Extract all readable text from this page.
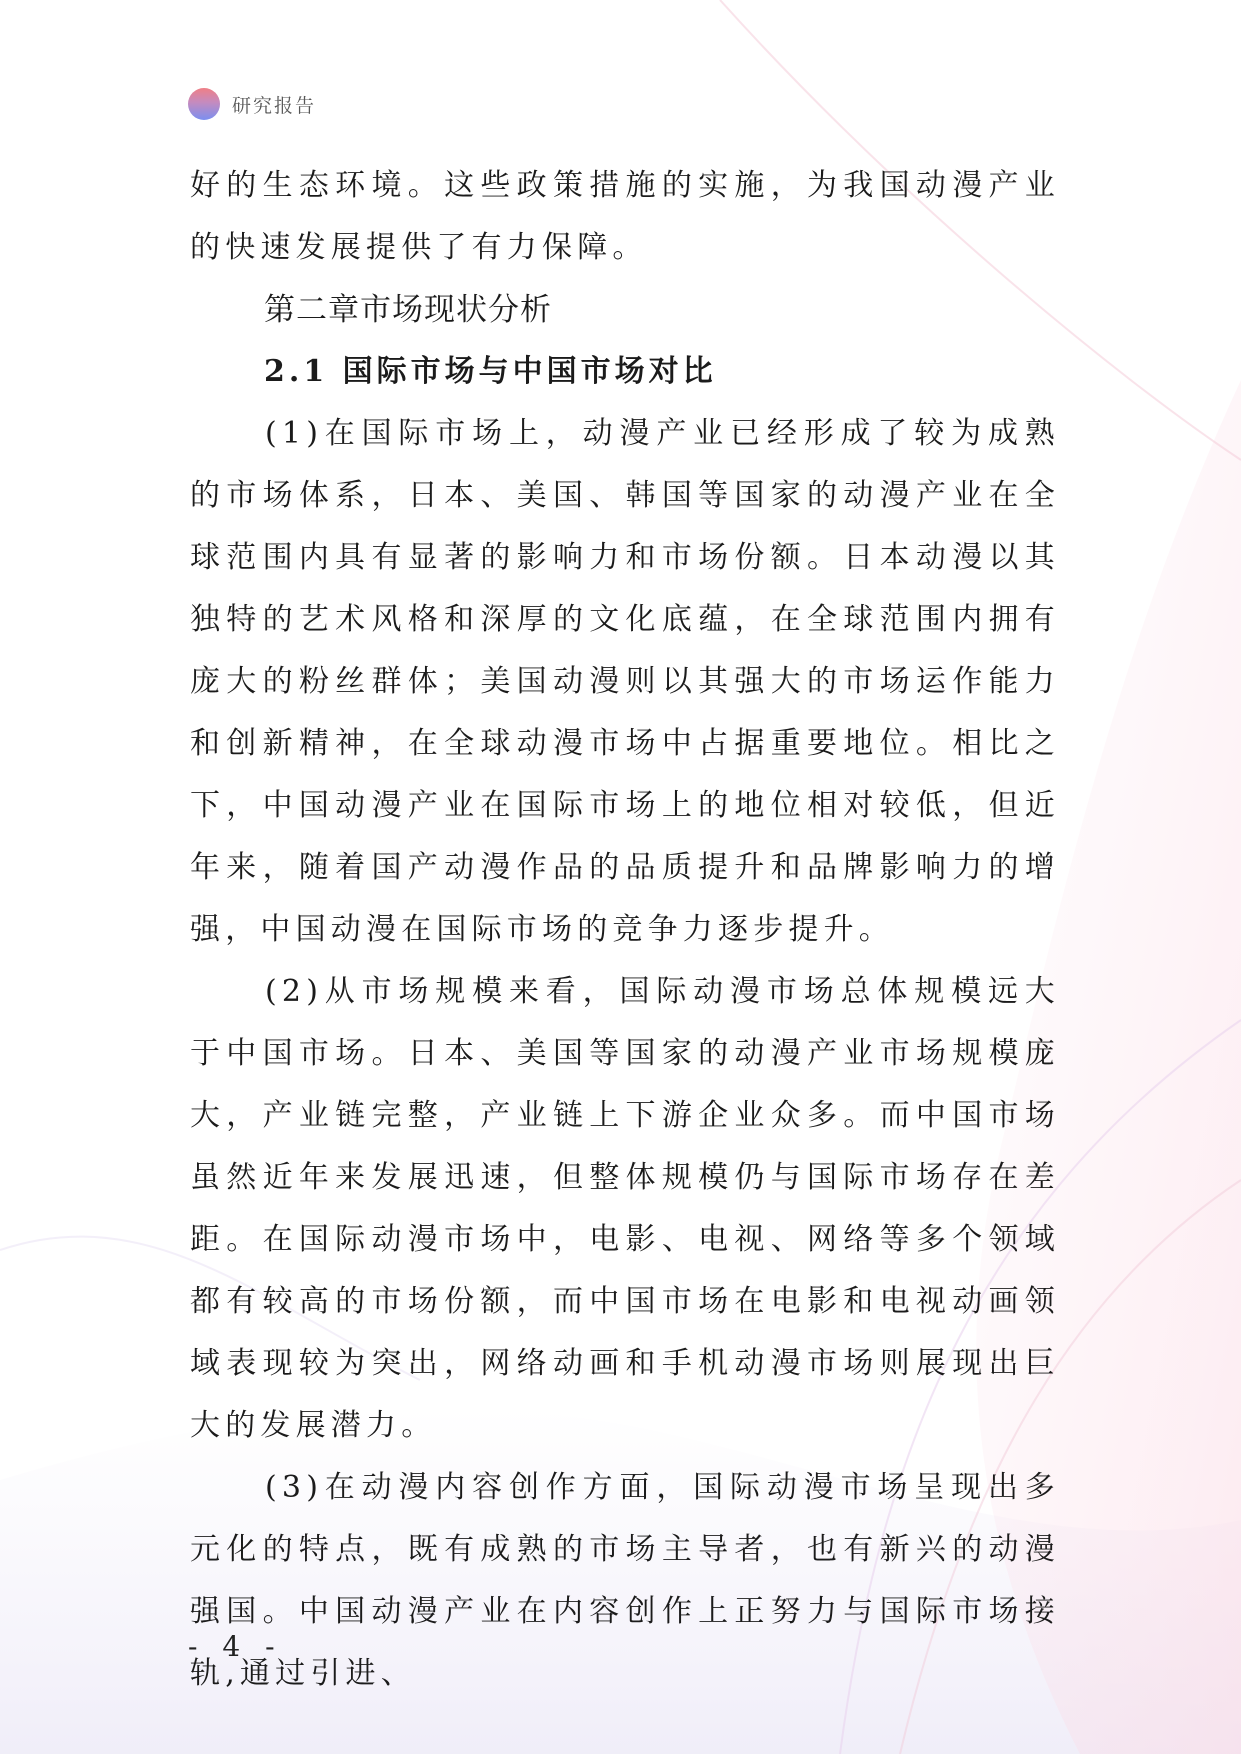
研究报告

好的生态环境。这些政策措施的实施，为我国动漫产业的快速发展提供了有力保障。

第二章市场现状分析
2.1 国际市场与中国市场对比

(1)在国际市场上，动漫产业已经形成了较为成熟的市场体系，日本、美国、韩国等国家的动漫产业在全球范围内具有显著的影响力和市场份额。日本动漫以其独特的艺术风格和深厚的文化底蕴，在全球范围内拥有庞大的粉丝群体；美国动漫则以其强大的市场运作能力和创新精神，在全球动漫市场中占据重要地位。相比之下，中国动漫产业在国际市场上的地位相对较低，但近年来，随着国产动漫作品的品质提升和品牌影响力的增强，中国动漫在国际市场的竞争力逐步提升。

(2)从市场规模来看，国际动漫市场总体规模远大于中国市场。日本、美国等国家的动漫产业市场规模庞大，产业链完整，产业链上下游企业众多。而中国市场虽然近年来发展迅速，但整体规模仍与国际市场存在差距。在国际动漫市场中，电影、电视、网络等多个领域都有较高的市场份额，而中国市场在电影和电视动画领域表现较为突出，网络动画和手机动漫市场则展现出巨大的发展潜力。

(3)在动漫内容创作方面，国际动漫市场呈现出多元化的特点，既有成熟的市场主导者，也有新兴的动漫强国。中国动漫产业在内容创作上正努力与国际市场接轨,通过引进、

- 4 -
